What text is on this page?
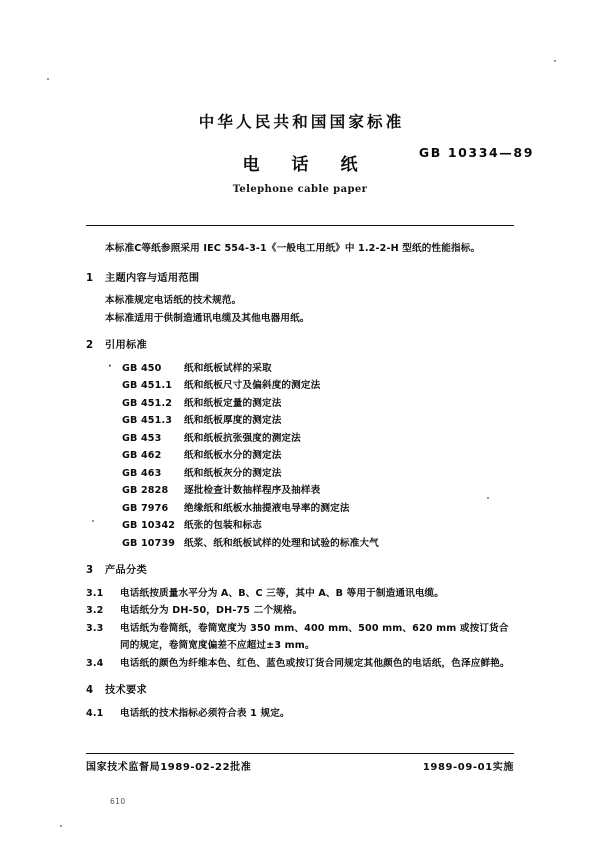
中华人民共和国国家标准
GB 10334—89
电话纸
Telephone cable paper

本标准C等纸参照采用 IEC 554-3-1《一般电工用纸》中 1.2-2-H 型纸的性能指标。

1 主题内容与适用范围

本标准规定电话纸的技术规范。

本标准适用于供制造通讯电缆及其他电器用纸。

2 引用标准
· GB 450 纸和纸板试样的采取
GB 451.1 纸和纸板尺寸及偏斜度的测定法
GB 451.2 纸和纸板定量的测定法
GB 451.3 纸和纸板厚度的测定法
GB 453 纸和纸板抗张强度的测定法
GB 462 纸和纸板水分的测定法
GB 463 纸和纸板灰分的测定法
GB 2828 逐批检查计数抽样程序及抽样表
GB 7976 绝缘纸和纸板水抽提液电导率的测定法
GB 10342 纸张的包装和标志
GB 10739 纸浆、纸和纸板试样的处理和试验的标准大气
3 产品分类

3.1 电话纸按质量水平分为 A、B、C 三等，其中 A、B 等用于制造通讯电缆。

3.2 电话纸分为 DH-50，DH-75 二个规格。

3.3 电话纸为卷筒纸，卷筒宽度为 350 mm、400 mm、500 mm、620 mm 或按订货合同的规定，卷筒宽度偏差不应超过±3 mm。

3.4 电话纸的颜色为纤维本色、红色、蓝色或按订货合同规定其他颜色的电话纸，色泽应鲜艳。

4 技术要求

4.1 电话纸的技术指标必须符合表 1 规定。

国家技术监督局1989-02-22批准	1989-09-01实施
610
